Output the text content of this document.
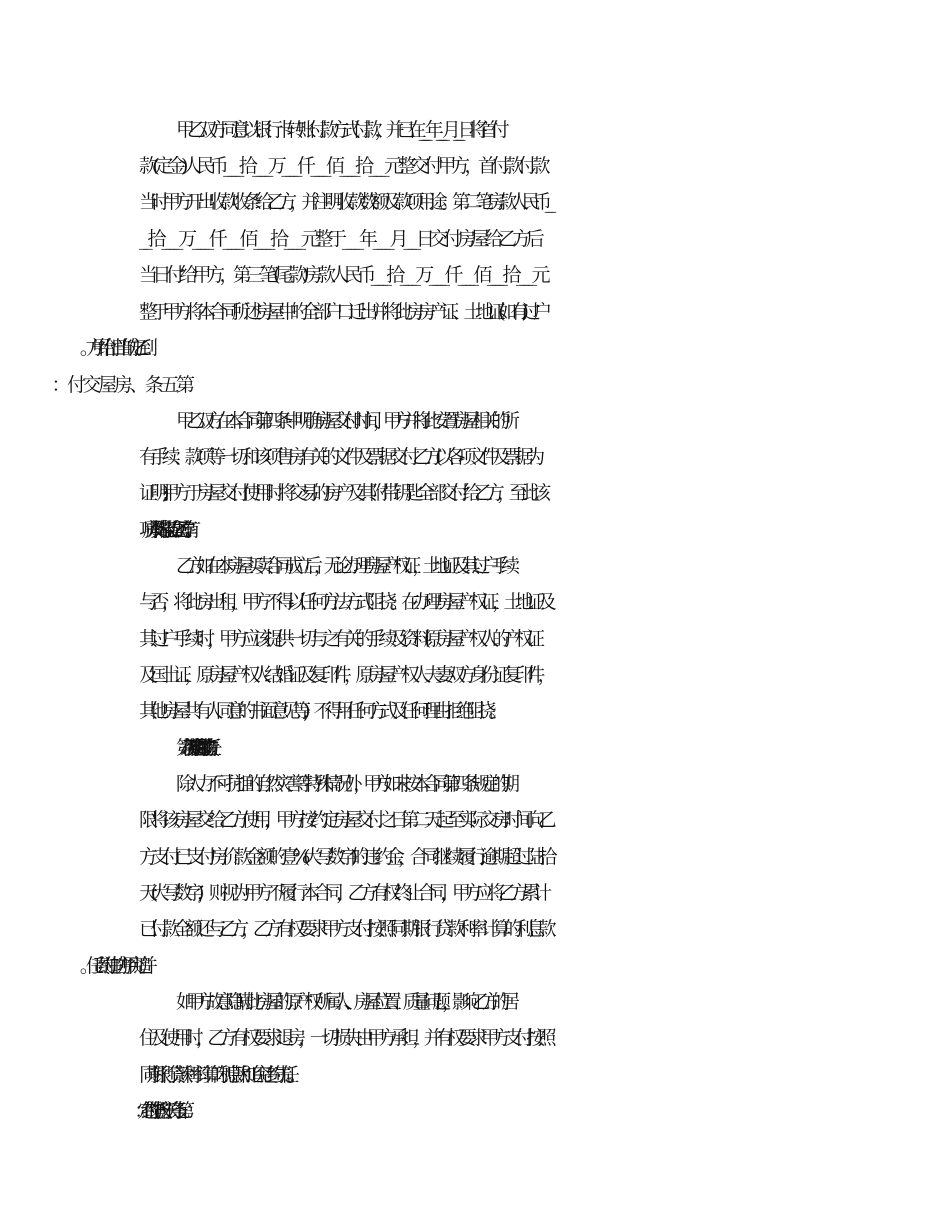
甲乙双方同意以银行卡转账付款方式付款，并已在____年____月___日将首付
款(定金)人民币____拾____万____仟____佰____拾____元整交付甲方，首付款付款
当时甲方开出收款收条给乙方，并注明收款数额及款项用途。第二笔房款人民币__
__拾____万____仟____佰____拾____元整于____年____月___日交付房屋给乙方后
当日付给甲方，第三笔(尾款)房款人民币____拾____万____仟____佰____拾____元
整于甲方将本合同所述房屋中的全部户口迁出并将此房房产证、土地证(如有)过户
甲乙双方在本合同第四条中明确房屋交付时间，甲方并将此安置房屋相关的所
有手续、款项等一切和该项售房有关的文件及票据交付乙方(以各项文件及票据为
证明);甲方于房屋交付使用时将交易的房产及其附带钥匙全部交付给乙方，至此该
项房产及其附带权益已全属乙方享有。
乙方如在本房屋买卖合同成立后，无论办理房屋产权证，土地证及其过户手续
与否，将此房出租，甲方不得以任何方法方式阻挠。在办理房屋产权证，土地证及
其过户手续时，甲方应该提供一切与之有关的手续及资料(原房屋产权人的产权证
及国土证，原房屋产权人结婚证及复印件，原房屋产权人夫妻双方身份证复印件，
其他房屋共有人同意的书面意见等)，不得用任何方式及任何理由拒绝阻挠。
第六条、甲方逾期交付房屋的违约责任：
除人力不可抗拒的自然灾害等特殊情况外，甲方如未按本合同第四条规定的期
限将该房屋交给乙方使用，甲方按约定房屋交付之日第二天起至实际交房时间向乙
方支付已支付房价款金额的壹%(大写数字)的违约金，合同继续履行;逾期超过陆拾
天(大写数字)，则视为甲方不履行本合同，乙方有权终止合同，甲方应将乙方累计
已付款全额还与乙方，乙方有权要求甲方支付按照同期银行贷款利率计算的利息款
如甲方故意隐瞒此房屋的原产权所属人、房屋位置、质量问题，影响乙方的居
住及使用时，乙方有权要求退房，一切损失由甲方承担，并有权要求甲方支付按照
同期银行贷款利率计算的利息款和追究违约责任。。
